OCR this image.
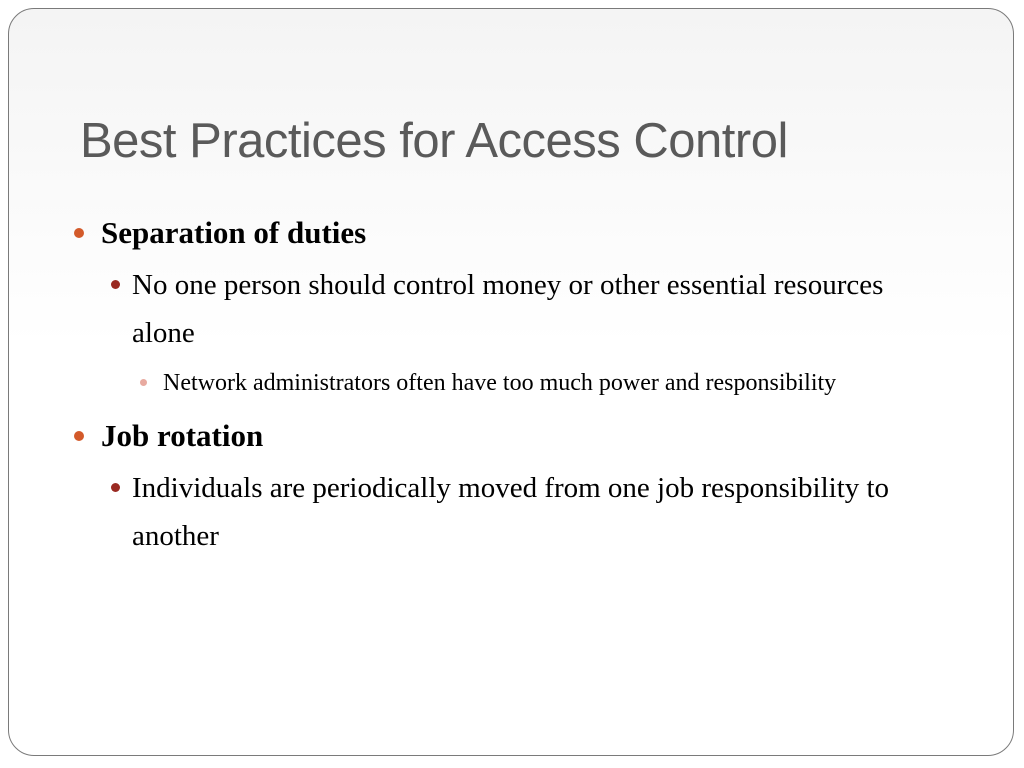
Best Practices for Access Control
Separation of duties
No one person should control money or other essential resources alone
Network administrators often have too much power and responsibility
Job rotation
Individuals are periodically moved from one job responsibility to another
